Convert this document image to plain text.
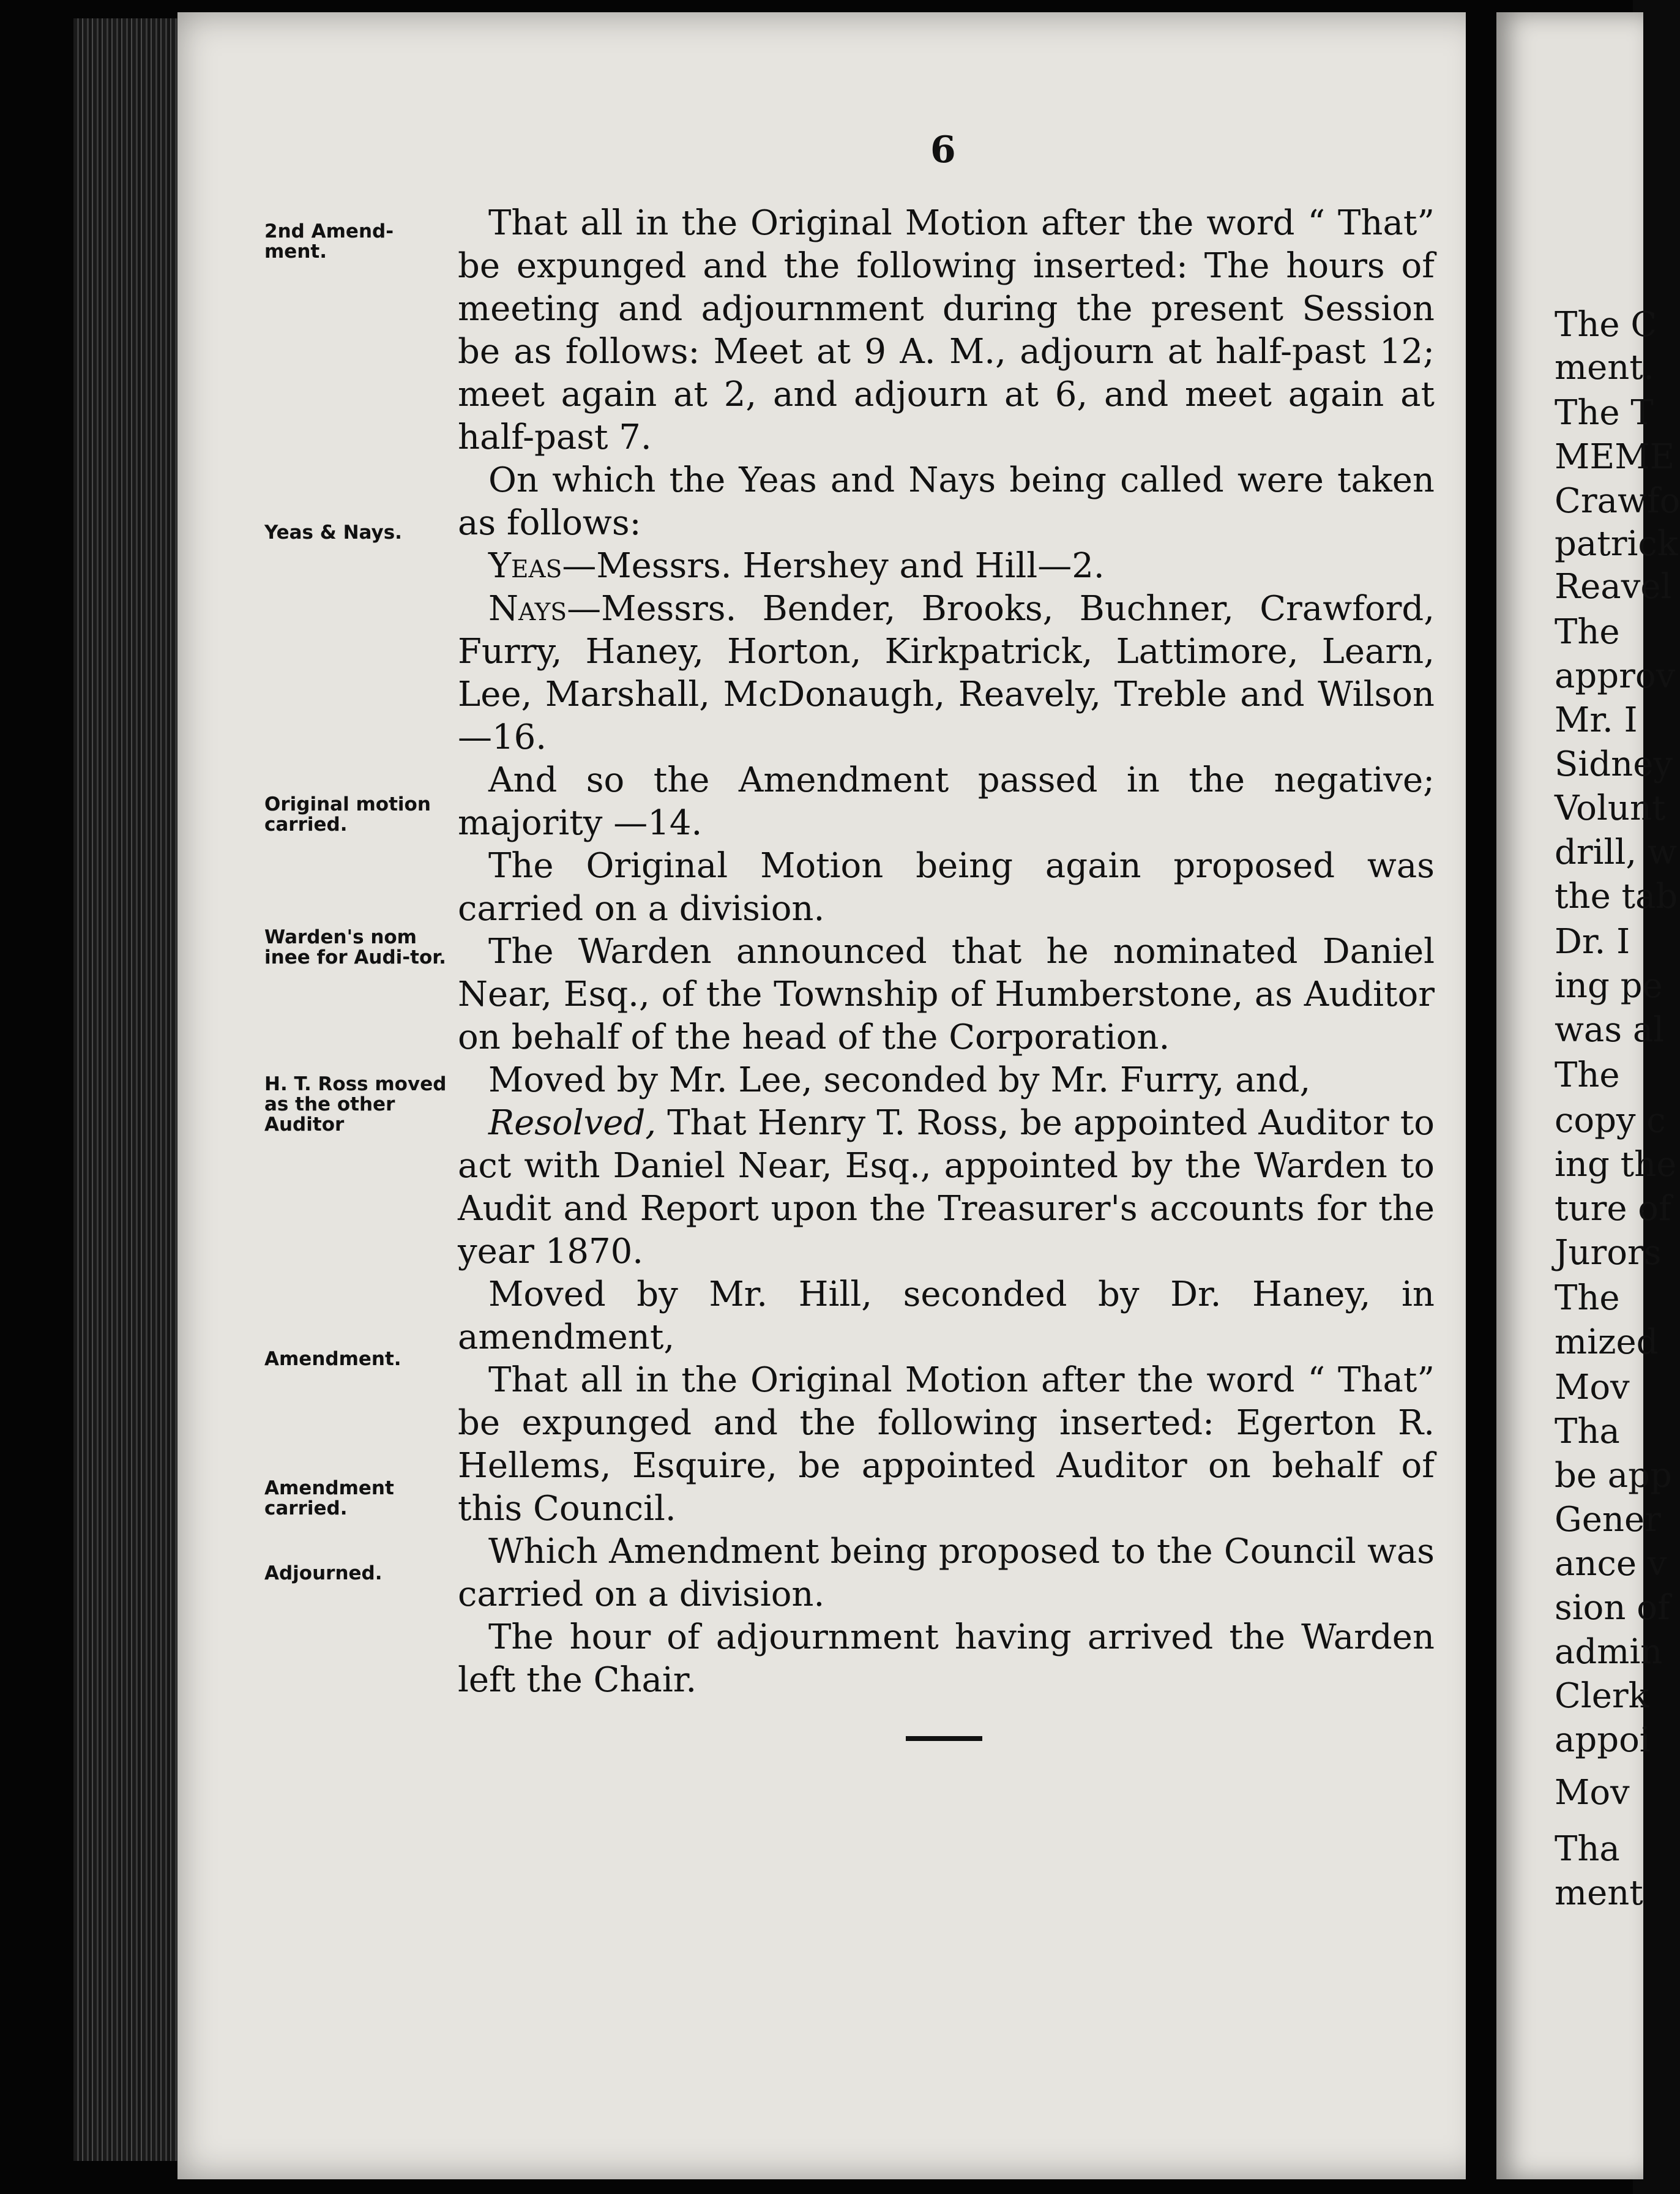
6
2nd Amend-ment.
Yeas & Nays.
Original motion carried.
Warden's nom inee for Audi-tor.
H. T. Ross moved as the other Auditor
Amendment.
Amendment carried.
Adjourned.

That all in the Original Motion after the word “ That” be expunged and the following inserted: The hours of meeting and adjournment during the present Session be as follows: Meet at 9 A. M., adjourn at half-past 12; meet again at 2, and adjourn at 6, and meet again at half-past 7.

On which the Yeas and Nays being called were taken as follows:

Yeas—Messrs. Hershey and Hill—2.

Nays—Messrs. Bender, Brooks, Buchner, Crawford, Furry, Haney, Horton, Kirkpatrick, Lattimore, Learn, Lee, Marshall, McDonaugh, Reavely, Treble and Wilson—16.

And so the Amendment passed in the negative; majority —14.

The Original Motion being again proposed was carried on a division.

The Warden announced that he nominated Daniel Near, Esq., of the Township of Humberstone, as Auditor on behalf of the head of the Corporation.

Moved by Mr. Lee, seconded by Mr. Furry, and,

Resolved, That Henry T. Ross, be appointed Auditor to act with Daniel Near, Esq., appointed by the Warden to Audit and Report upon the Treasurer's accounts for the year 1870.

Moved by Mr. Hill, seconded by Dr. Haney, in amendment,

That all in the Original Motion after the word “ That” be expunged and the following inserted: Egerton R. Hellems, Esquire, be appointed Auditor on behalf of this Council.

Which Amendment being proposed to the Council was carried on a division.

The hour of adjournment having arrived the Warden left the Chair.

The C
ment.
The T
MEME
Crawfo
patrick
Reavel
The
approv
Mr. I
Sidney
Volunt
drill, w
the tab
Dr. I
ing pe
was al
The
copy c
ing the
ture of
Jurors
The
mized
Mov
Tha
be app
Gener
ance v
sion of
admin
Clerk
appoi
Mov
Tha
ment
